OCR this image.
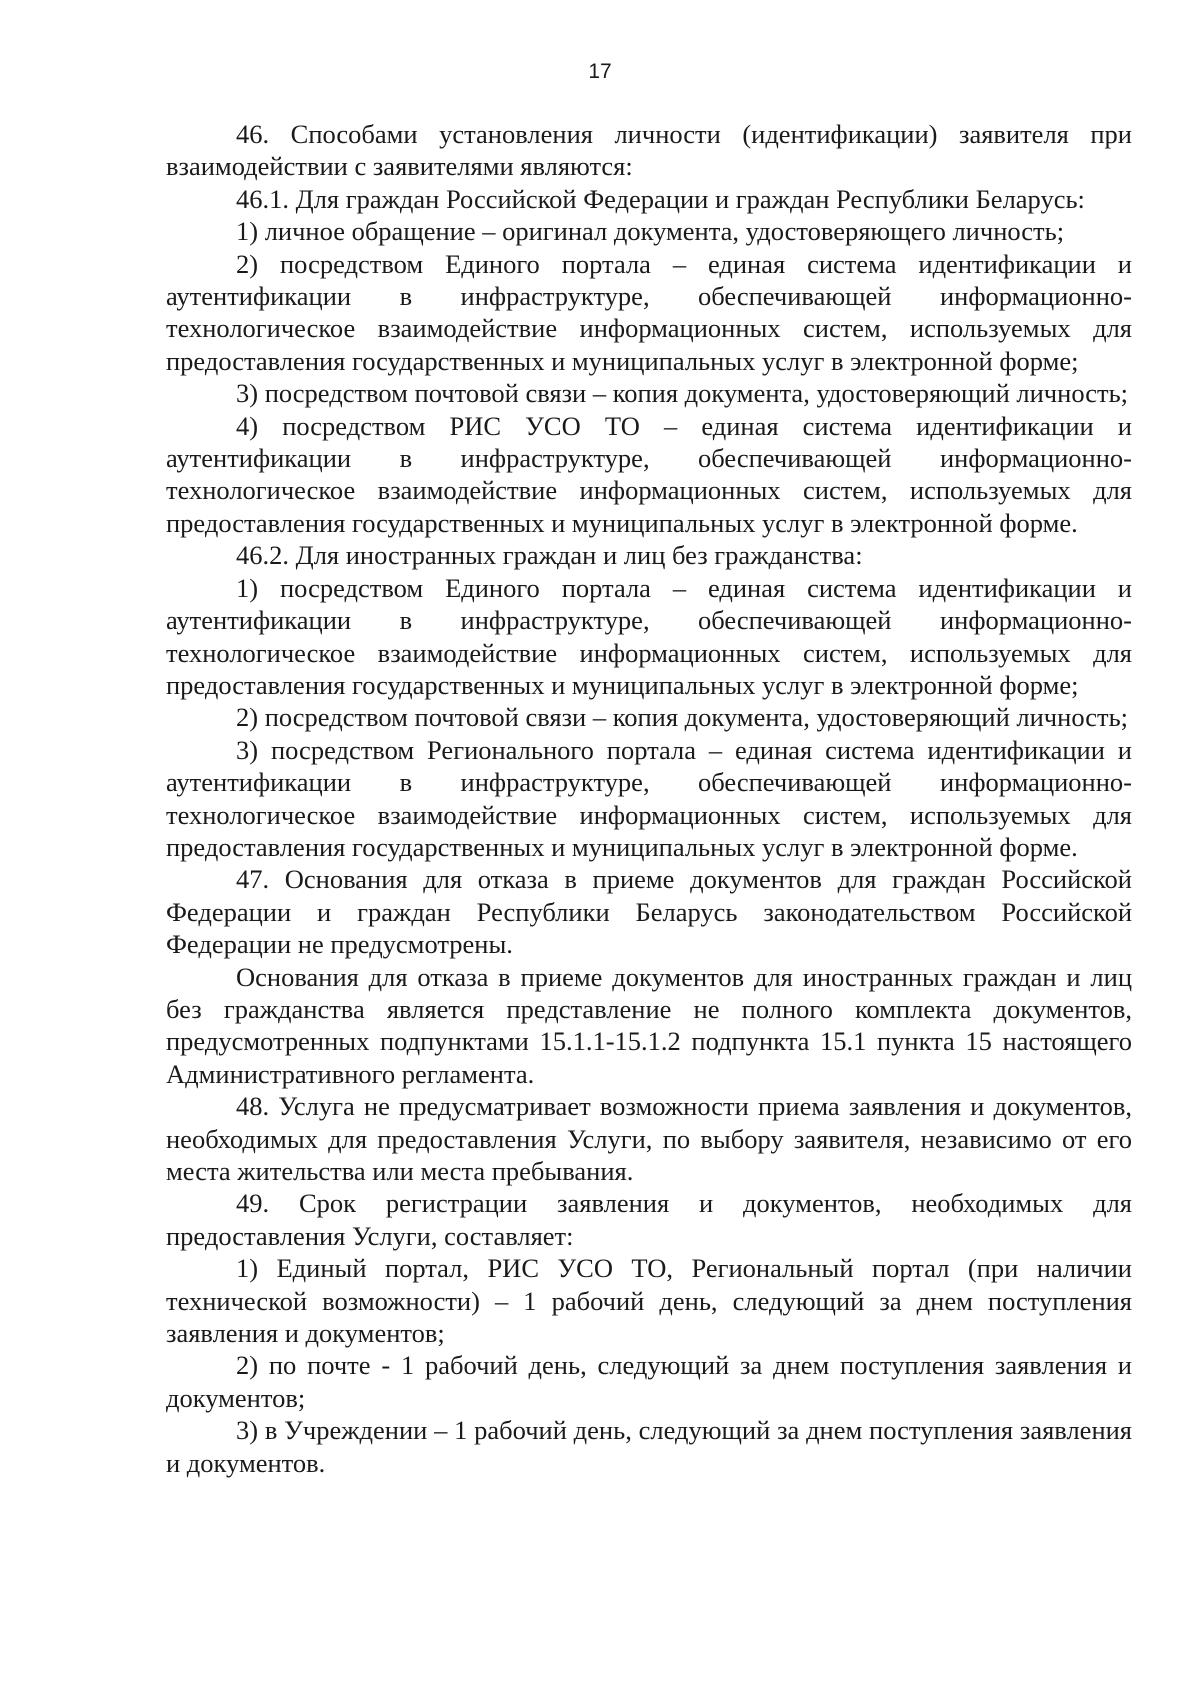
17

46. Способами установления личности (идентификации) заявителя при взаимодействии с заявителями являются:

46.1. Для граждан Российской Федерации и граждан Республики Беларусь:

1) личное обращение – оригинал документа, удостоверяющего личность;

2) посредством Единого портала – единая система идентификации и аутентификации в инфраструктуре, обеспечивающей информационно-технологическое взаимодействие информационных систем, используемых для предоставления государственных и муниципальных услуг в электронной форме;

3) посредством почтовой связи – копия документа, удостоверяющий личность;

4) посредством РИС УСО ТО – единая система идентификации и аутентификации в инфраструктуре, обеспечивающей информационно-технологическое взаимодействие информационных систем, используемых для предоставления государственных и муниципальных услуг в электронной форме.

46.2. Для иностранных граждан и лиц без гражданства:

1) посредством Единого портала – единая система идентификации и аутентификации в инфраструктуре, обеспечивающей информационно-технологическое взаимодействие информационных систем, используемых для предоставления государственных и муниципальных услуг в электронной форме;

2) посредством почтовой связи – копия документа, удостоверяющий личность;

3) посредством Регионального портала – единая система идентификации и аутентификации в инфраструктуре, обеспечивающей информационно-технологическое взаимодействие информационных систем, используемых для предоставления государственных и муниципальных услуг в электронной форме.

47. Основания для отказа в приеме документов для граждан Российской Федерации и граждан Республики Беларусь законодательством Российской Федерации не предусмотрены.

Основания для отказа в приеме документов для иностранных граждан и лиц без гражданства является представление не полного комплекта документов, предусмотренных подпунктами 15.1.1-15.1.2 подпункта 15.1 пункта 15 настоящего Административного регламента.

48. Услуга не предусматривает возможности приема заявления и документов, необходимых для предоставления Услуги, по выбору заявителя, независимо от его места жительства или места пребывания.

49. Срок регистрации заявления и документов, необходимых для предоставления Услуги, составляет:

1) Единый портал, РИС УСО ТО, Региональный портал (при наличии технической возможности) – 1 рабочий день, следующий за днем поступления заявления и документов;

2) по почте - 1 рабочий день, следующий за днем поступления заявления и документов;

3) в Учреждении – 1 рабочий день, следующий за днем поступления заявления и документов.
